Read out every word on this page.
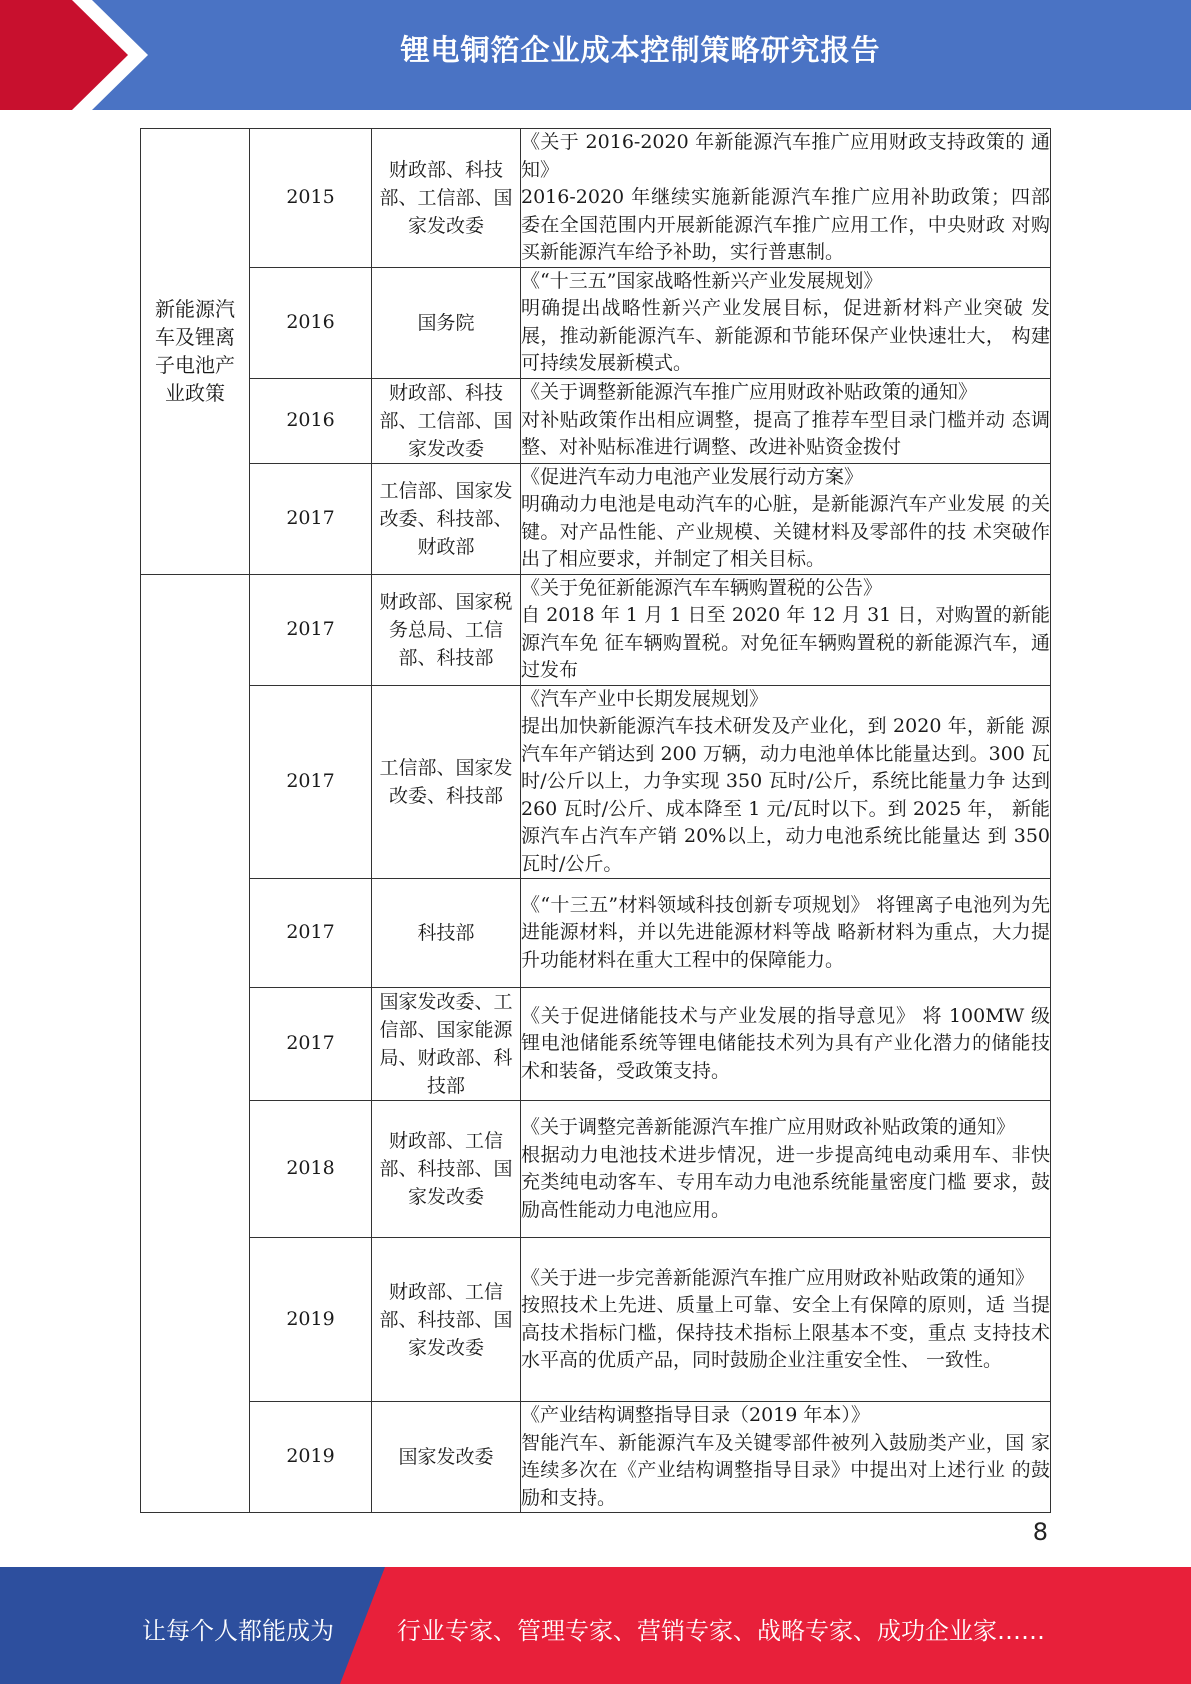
锂电铜箔企业成本控制策略研究报告
新能源汽车及锂离子电池产业政策	2015	财政部、科技部、工信部、国 家发改委	《关于 2016-2020 年新能源汽车推广应用财政支持政策的 通知》
2016-2020 年继续实施新能源汽车推广应用补助政策；四部 委在全国范围内开展新能源汽车推广应用工作，中央财政 对购买新能源汽车给予补助，实行普惠制。

	2016	国务院	《“十三五”国家战略性新兴产业发展规划》
明确提出战略性新兴产业发展目标，促进新材料产业突破 发展，推动新能源汽车、新能源和节能环保产业快速壮大， 构建可持续发展新模式。

	2016	财政部、科技部、工信部、国 家发改委	《关于调整新能源汽车推广应用财政补贴政策的通知》
对补贴政策作出相应调整，提高了推荐车型目录门槛并动 态调整、对补贴标准进行调整、改进补贴资金拨付

	2017	工信部、国家发 改委、科技部、 财政部	《促进汽车动力电池产业发展行动方案》
明确动力电池是电动汽车的心脏，是新能源汽车产业发展 的关键。对产品性能、产业规模、关键材料及零部件的技 术突破作出了相应要求，并制定了相关目标。

	2017	财政部、国家税 务总局、工信 部、科技部	《关于免征新能源汽车车辆购置税的公告》
自 2018 年 1 月 1 日至 2020 年 12 月 31 日，对购置的新能源汽车免 征车辆购置税。对免征车辆购置税的新能源汽车，通过发布

	2017	工信部、国家发 改委、科技部	《汽车产业中长期发展规划》
提出加快新能源汽车技术研发及产业化，到 2020 年，新能 源汽车年产销达到 200 万辆，动力电池单体比能量达到。300 瓦时/公斤以上，力争实现 350 瓦时/公斤，系统比能量力争 达到 260 瓦时/公斤、成本降至 1 元/瓦时以下。到 2025 年， 新能源汽车占汽车产销 20%以上，动力电池系统比能量达 到 350 瓦时/公斤。

	2017	科技部	《“十三五”材料领域科技创新专项规划》 将锂离子电池列为先进能源材料，并以先进能源材料等战 略新材料为重点，大力提升功能材料在重大工程中的保障能力。

	2017	国家发改委、工 信部、国家能源 局、财政部、科 技部	《关于促进储能技术与产业发展的指导意见》 将 100MW 级锂电池储能系统等锂电储能技术列为具有产业化潜力的储能技术和装备，受政策支持。

	2018	财政部、工信部、科技部、国 家发改委	《关于调整完善新能源汽车推广应用财政补贴政策的通知》
根据动力电池技术进步情况，进一步提高纯电动乘用车、非快充类纯电动客车、专用车动力电池系统能量密度门槛 要求，鼓励高性能动力电池应用。

	2019	财政部、工信部、科技部、国 家发改委	《关于进一步完善新能源汽车推广应用财政补贴政策的通知》
按照技术上先进、质量上可靠、安全上有保障的原则，适 当提高技术指标门槛，保持技术指标上限基本不变，重点 支持技术水平高的优质产品，同时鼓励企业注重安全性、 一致性。

	2019	国家发改委	《产业结构调整指导目录（2019 年本）》
智能汽车、新能源汽车及关键零部件被列入鼓励类产业，国 家连续多次在《产业结构调整指导目录》中提出对上述行业 的鼓励和支持。
8
让每个人都能成为	行业专家、管理专家、营销专家、战略专家、成功企业家……
